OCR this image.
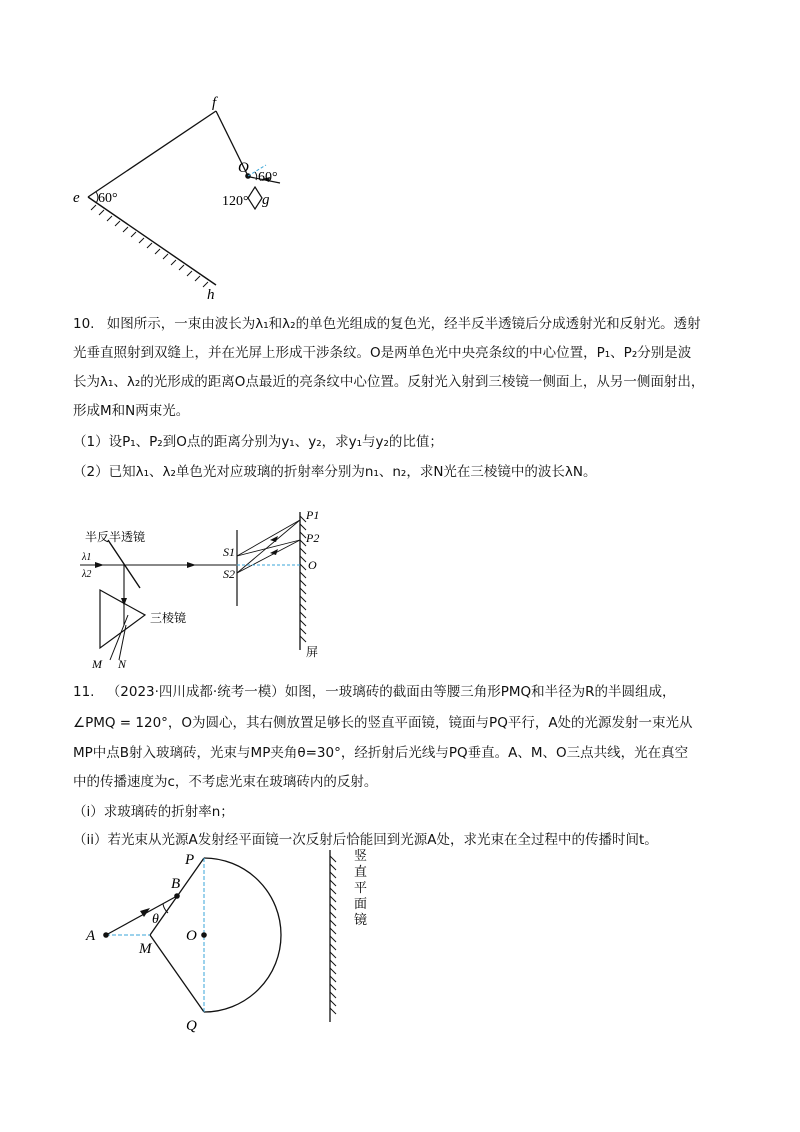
f
O
60°
e 60°	120° g
h
10. 如图所示，一束由波长为λ₁和λ₂的单色光组成的复色光，经半反半透镜后分成透射光和反射光。透射
光垂直照射到双缝上，并在光屏上形成干涉条纹。O是两单色光中央亮条纹的中心位置，P₁、P₂分别是波
长为λ₁、λ₂的光形成的距离O点最近的亮条纹中心位置。反射光入射到三棱镜一侧面上，从另一侧面射出，
形成M和N两束光。
（1）设P₁、P₂到O点的距离分别为y₁、y₂，求y₁与y₂的比值；
（2）已知λ₁、λ₂单色光对应玻璃的折射率分别为n₁、n₂，求N光在三棱镜中的波长λN。
半反半透镜
λ1
λ2
S1
S2
P1
P2
O
三棱镜
M N
屏
11. （2023·四川成都·统考一模）如图，一玻璃砖的截面由等腰三角形PMQ和半径为R的半圆组成，
∠PMQ = 120°，O为圆心，其右侧放置足够长的竖直平面镜，镜面与PQ平行，A处的光源发射一束光从
MP中点B射入玻璃砖，光束与MP夹角θ=30°，经折射后光线与PQ垂直。A、M、O三点共线，光在真空
中的传播速度为c，不考虑光束在玻璃砖内的反射。
（i）求玻璃砖的折射率n；
（ii）若光束从光源A发射经平面镜一次反射后恰能回到光源A处，求光束在全过程中的传播时间t。
P
B
θ
A
M
O
Q
竖
直
平
面
镜
